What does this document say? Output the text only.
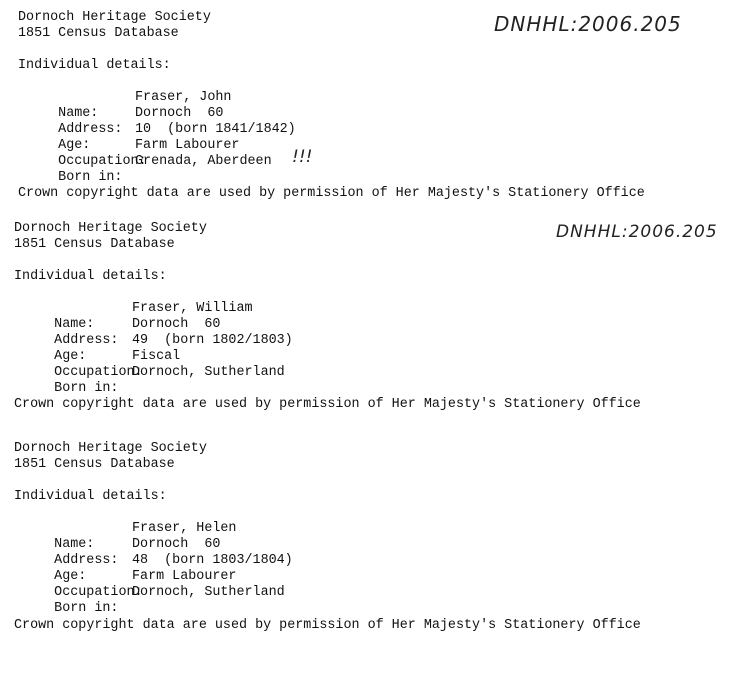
Dornoch Heritage Society
1851 Census Database	DNHHL:2006.205
Individual details:

Name:

Fraser, John

Address:

Dornoch  60

Age:

10  (born 1841/1842)

Occupation:

Farm Labourer

Born in:

Grenada, Aberdeen !!!
Crown copyright data are used by permission of Her Majesty's Stationery Office
Dornoch Heritage Society
1851 Census Database
DNHHL:2006.205
Individual details:

Name:

Fraser, William

Address:

Dornoch  60

Age:

49  (born 1802/1803)

Occupation:

Fiscal

Born in:

Dornoch, Sutherland
Crown copyright data are used by permission of Her Majesty's Stationery Office
Dornoch Heritage Society
1851 Census Database
Individual details:

Name:

Fraser, Helen

Address:

Dornoch  60

Age:

48  (born 1803/1804)

Occupation:

Farm Labourer

Born in:

Dornoch, Sutherland
Crown copyright data are used by permission of Her Majesty's Stationery Office
